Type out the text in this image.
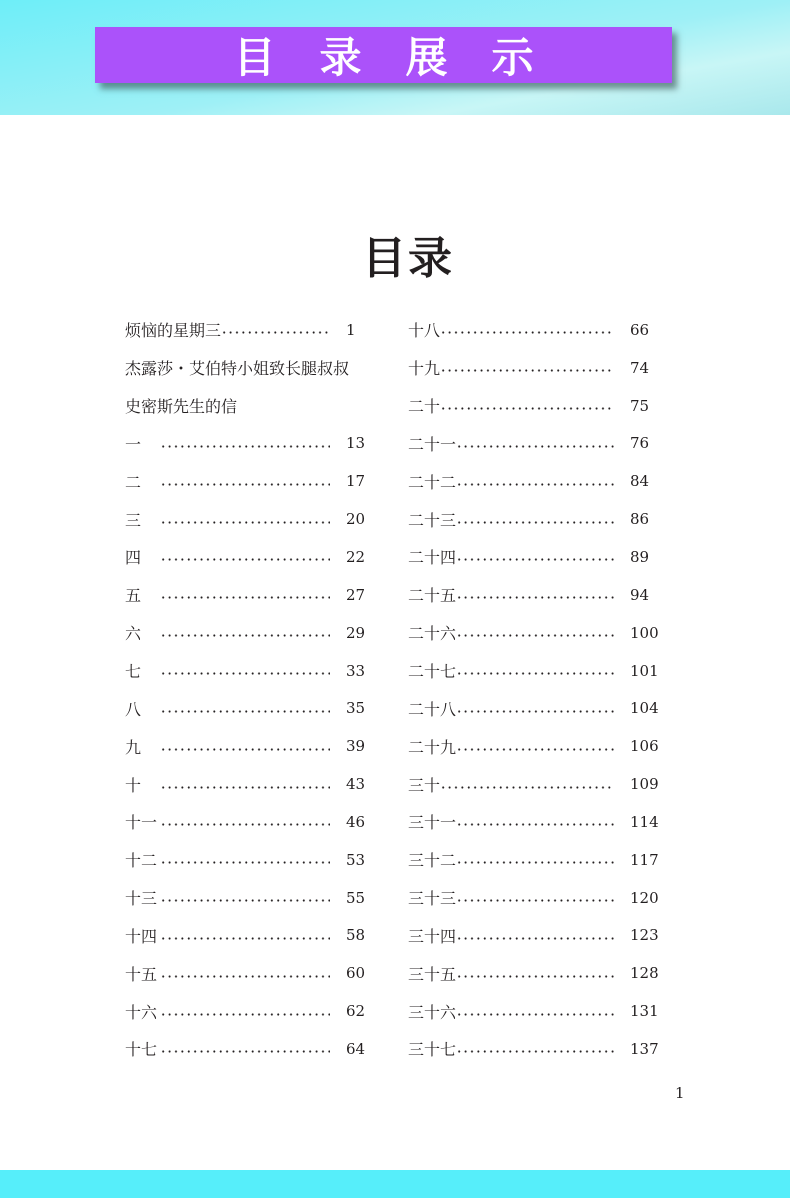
目录展示
目录
烦恼的星期三	1
杰露莎・艾伯特小姐致长腿叔叔
史密斯先生的信
一	13
二	17
三	20
四	22
五	27
六	29
七	33
八	35
九	39
十	43
十一	46
十二	53
十三	55
十四	58
十五	60
十六	62
十七	64
十八	66
十九	74
二十	75
二十一	76
二十二	84
二十三	86
二十四	89
二十五	94
二十六	100
二十七	101
二十八	104
二十九	106
三十	109
三十一	114
三十二	117
三十三	120
三十四	123
三十五	128
三十六	131
三十七	137
1
